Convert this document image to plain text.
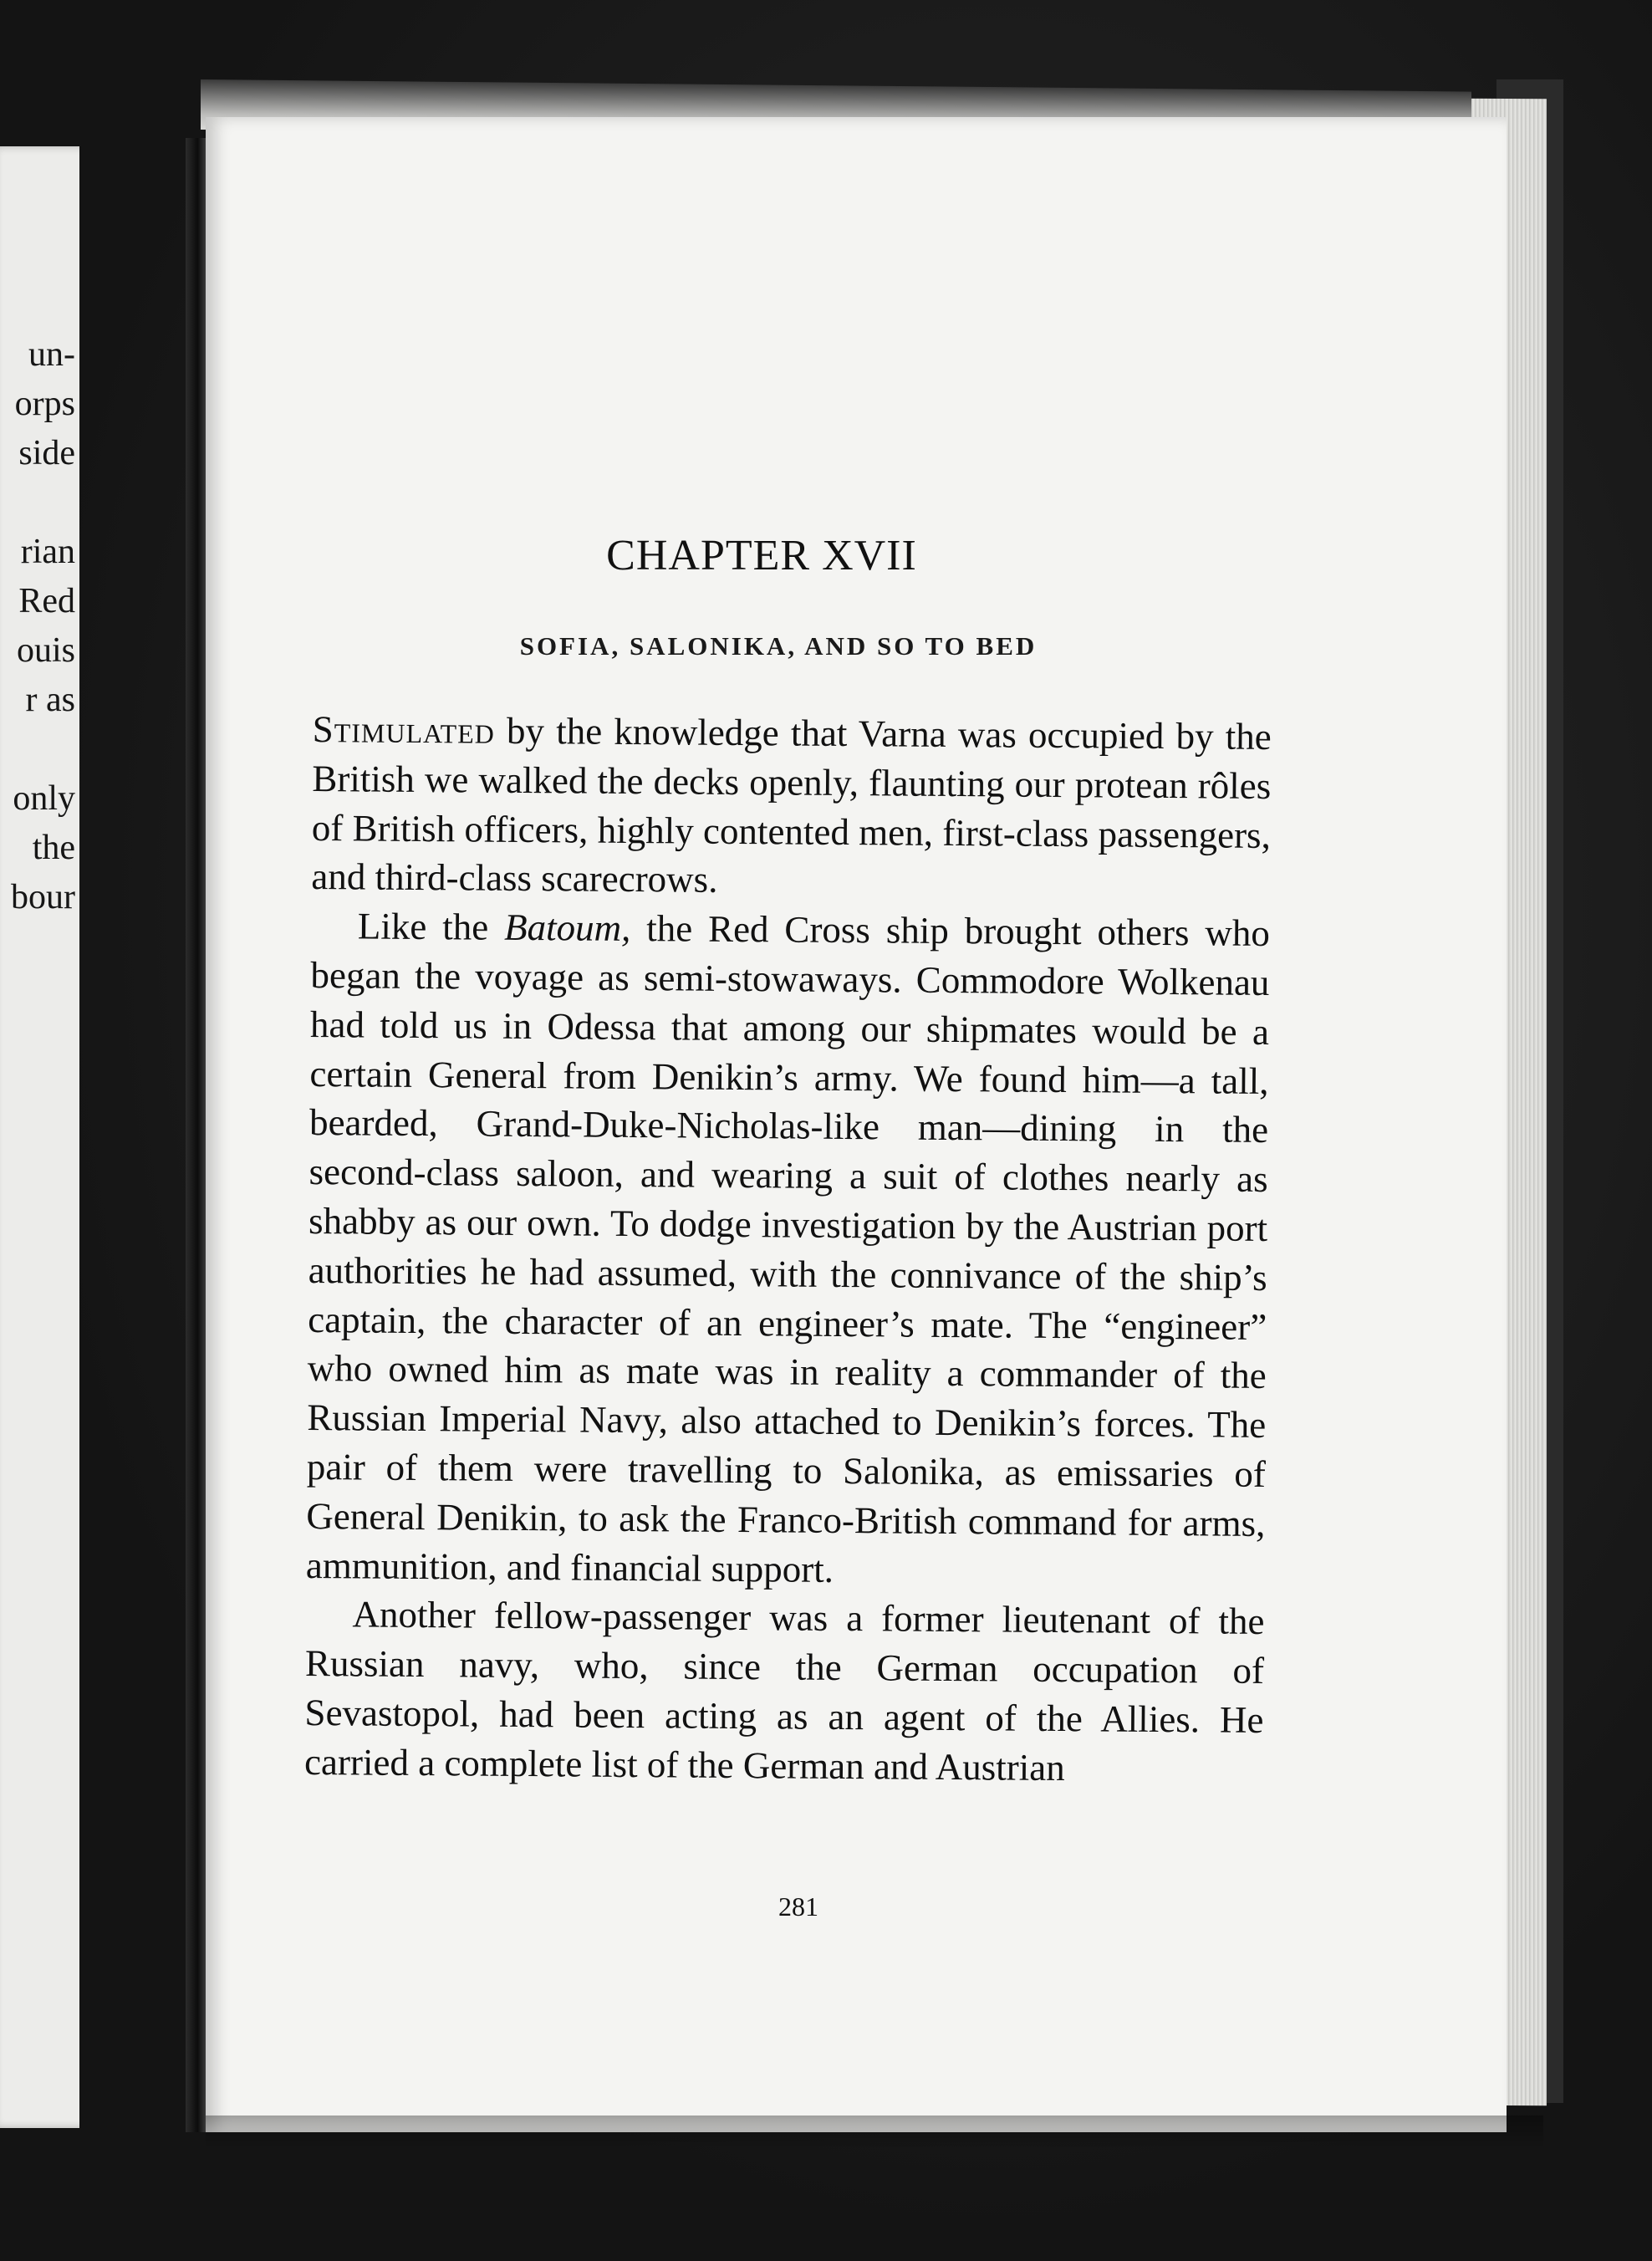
un-
orps
side
rian
Red
ouis
r as
only
the
bour
CHAPTER XVII
SOFIA, SALONIKA, AND SO TO BED

Stimulated by the knowledge that Varna was occupied by the British we walked the decks openly, flaunting our protean rôles of British officers, highly contented men, first-class passengers, and third-class scarecrows.

Like the Batoum, the Red Cross ship brought others who began the voyage as semi-stowaways. Commodore Wolkenau had told us in Odessa that among our shipmates would be a certain General from Denikin’s army. We found him—a tall, bearded, Grand-Duke-Nicholas-like man—dining in the second-class saloon, and wearing a suit of clothes nearly as shabby as our own. To dodge investigation by the Austrian port authorities he had assumed, with the connivance of the ship’s captain, the character of an engineer’s mate. The “engineer” who owned him as mate was in reality a commander of the Russian Imperial Navy, also attached to Denikin’s forces. The pair of them were travelling to Salonika, as emissaries of General Denikin, to ask the Franco-British command for arms, ammunition, and financial support.

Another fellow-passenger was a former lieutenant of the Russian navy, who, since the German occupation of Sevastopol, had been acting as an agent of the Allies. He carried a complete list of the German and Austrian

281
